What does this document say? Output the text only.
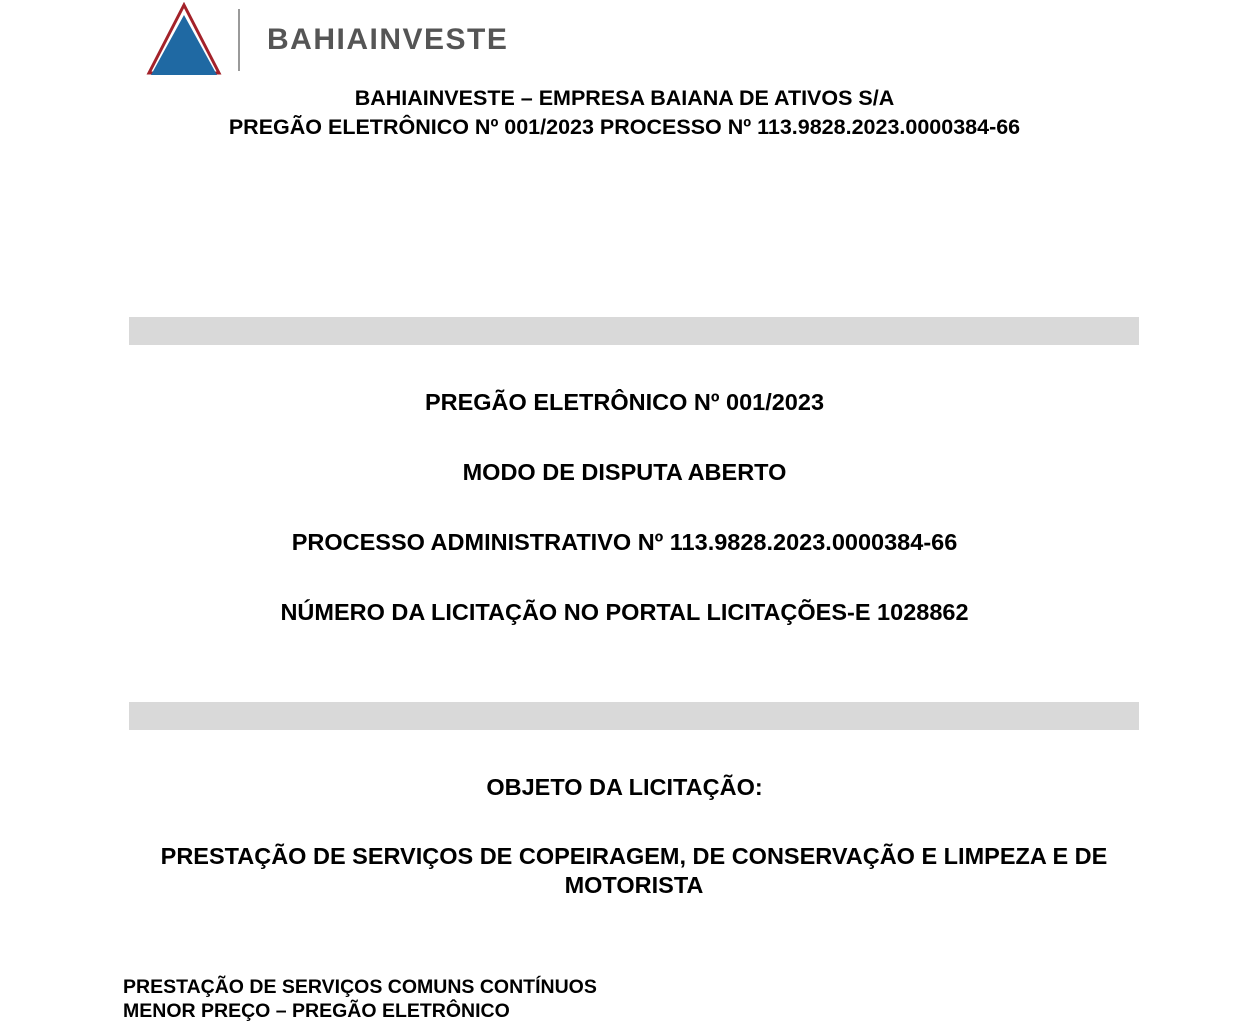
BAHIAINVESTE
BAHIAINVESTE – EMPRESA BAIANA DE ATIVOS S/A
PREGÃO ELETRÔNICO Nº 001/2023 PROCESSO Nº 113.9828.2023.0000384-66
PREGÃO ELETRÔNICO Nº 001/2023
MODO DE DISPUTA ABERTO
PROCESSO ADMINISTRATIVO Nº 113.9828.2023.0000384-66
NÚMERO DA LICITAÇÃO NO PORTAL LICITAÇÕES-E 1028862
OBJETO DA LICITAÇÃO:
PRESTAÇÃO DE SERVIÇOS DE COPEIRAGEM, DE CONSERVAÇÃO E LIMPEZA E DE MOTORISTA
PRESTAÇÃO DE SERVIÇOS COMUNS CONTÍNUOS
MENOR PREÇO – PREGÃO ELETRÔNICO
